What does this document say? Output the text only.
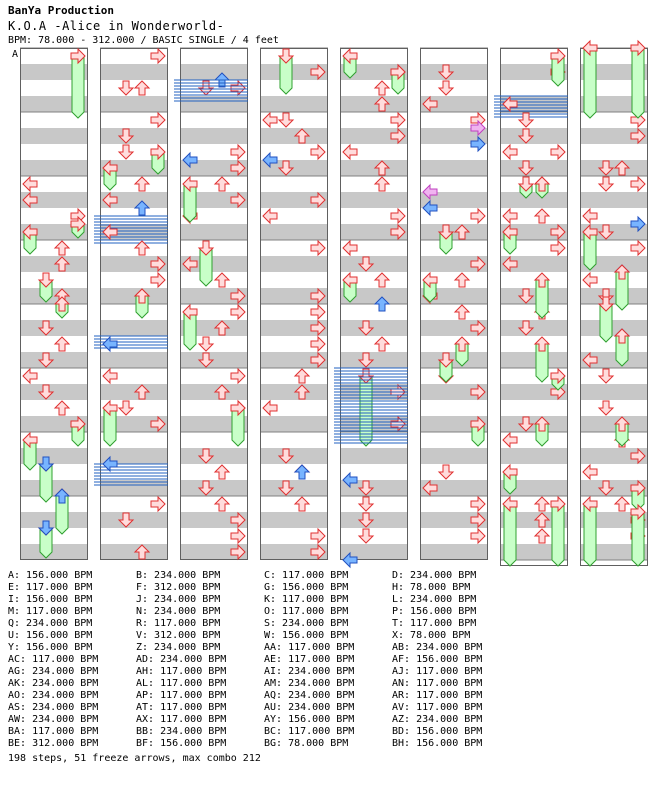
BanYa Production
K.O.A -Alice in Wonderworld-
BPM: 78.000 - 312.000 / BASIC SINGLE / 4 feet
A
A: 156.000 BPM	B: 234.000 BPM	C: 117.000 BPM	D: 234.000 BPM
E: 117.000 BPM	F: 312.000 BPM	G: 156.000 BPM	H: 78.000 BPM
I: 156.000 BPM	J: 234.000 BPM	K: 117.000 BPM	L: 234.000 BPM
M: 117.000 BPM	N: 234.000 BPM	O: 117.000 BPM	P: 156.000 BPM
Q: 234.000 BPM	R: 117.000 BPM	S: 234.000 BPM	T: 117.000 BPM
U: 156.000 BPM	V: 312.000 BPM	W: 156.000 BPM	X: 78.000 BPM
Y: 156.000 BPM	Z: 234.000 BPM	AA: 117.000 BPM	AB: 234.000 BPM
AC: 117.000 BPM	AD: 234.000 BPM	AE: 117.000 BPM	AF: 156.000 BPM
AG: 234.000 BPM	AH: 117.000 BPM	AI: 234.000 BPM	AJ: 117.000 BPM
AK: 234.000 BPM	AL: 117.000 BPM	AM: 234.000 BPM	AN: 117.000 BPM
AO: 234.000 BPM	AP: 117.000 BPM	AQ: 234.000 BPM	AR: 117.000 BPM
AS: 234.000 BPM	AT: 117.000 BPM	AU: 234.000 BPM	AV: 117.000 BPM
AW: 234.000 BPM	AX: 117.000 BPM	AY: 156.000 BPM	AZ: 234.000 BPM
BA: 117.000 BPM	BB: 234.000 BPM	BC: 117.000 BPM	BD: 156.000 BPM
BE: 312.000 BPM	BF: 156.000 BPM	BG: 78.000 BPM	BH: 156.000 BPM
198 steps, 51 freeze arrows, max combo 212
